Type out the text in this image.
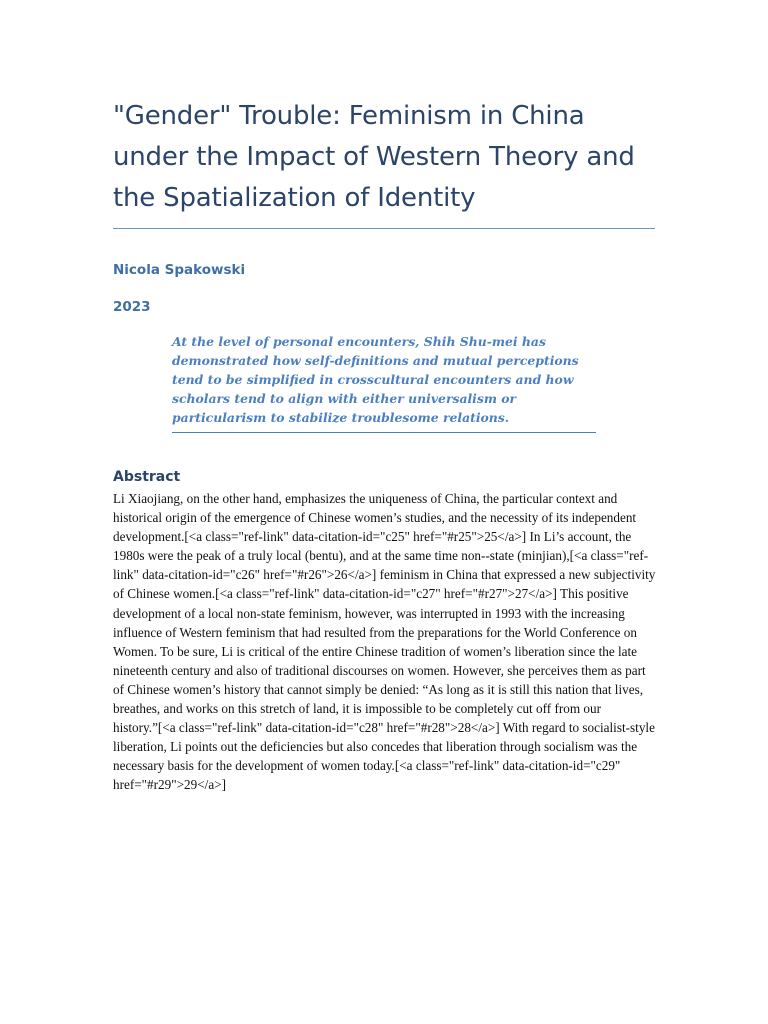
"Gender" Trouble: Feminism in China under the Impact of Western Theory and the Spatialization of Identity

Nicola Spakowski

2023

At the level of personal encounters, Shih Shu-mei has demonstrated how self-definitions and mutual perceptions tend to be simplified in crosscultural encounters and how scholars tend to align with either universalism or particularism to stabilize troublesome relations.

Abstract

Li Xiaojiang, on the other hand, emphasizes the uniqueness of China, the particular context and historical origin of the emergence of Chinese women’s studies, and the necessity of its independent development.[<a class="ref-link" data-citation-id="c25" href="#r25">25</a>] In Li’s account, the 1980s were the peak of a truly local (bentu), and at the same time non--state (minjian),[<a class="ref-link" data-citation-id="c26" href="#r26">26</a>] feminism in China that expressed a new subjectivity of Chinese women.[<a class="ref-link" data-citation-id="c27" href="#r27">27</a>] This positive development of a local non-state feminism, however, was interrupted in 1993 with the increasing influence of Western feminism that had resulted from the preparations for the World Conference on Women. To be sure, Li is critical of the entire Chinese tradition of women’s liberation since the late nineteenth century and also of traditional discourses on women. However, she perceives them as part of Chinese women’s history that cannot simply be denied: “As long as it is still this nation that lives, breathes, and works on this stretch of land, it is impossible to be completely cut off from our history.”[<a class="ref-link" data-citation-id="c28" href="#r28">28</a>] With regard to socialist-style liberation, Li points out the deficiencies but also concedes that liberation through socialism was the necessary basis for the development of women today.[<a class="ref-link" data-citation-id="c29" href="#r29">29</a>]
